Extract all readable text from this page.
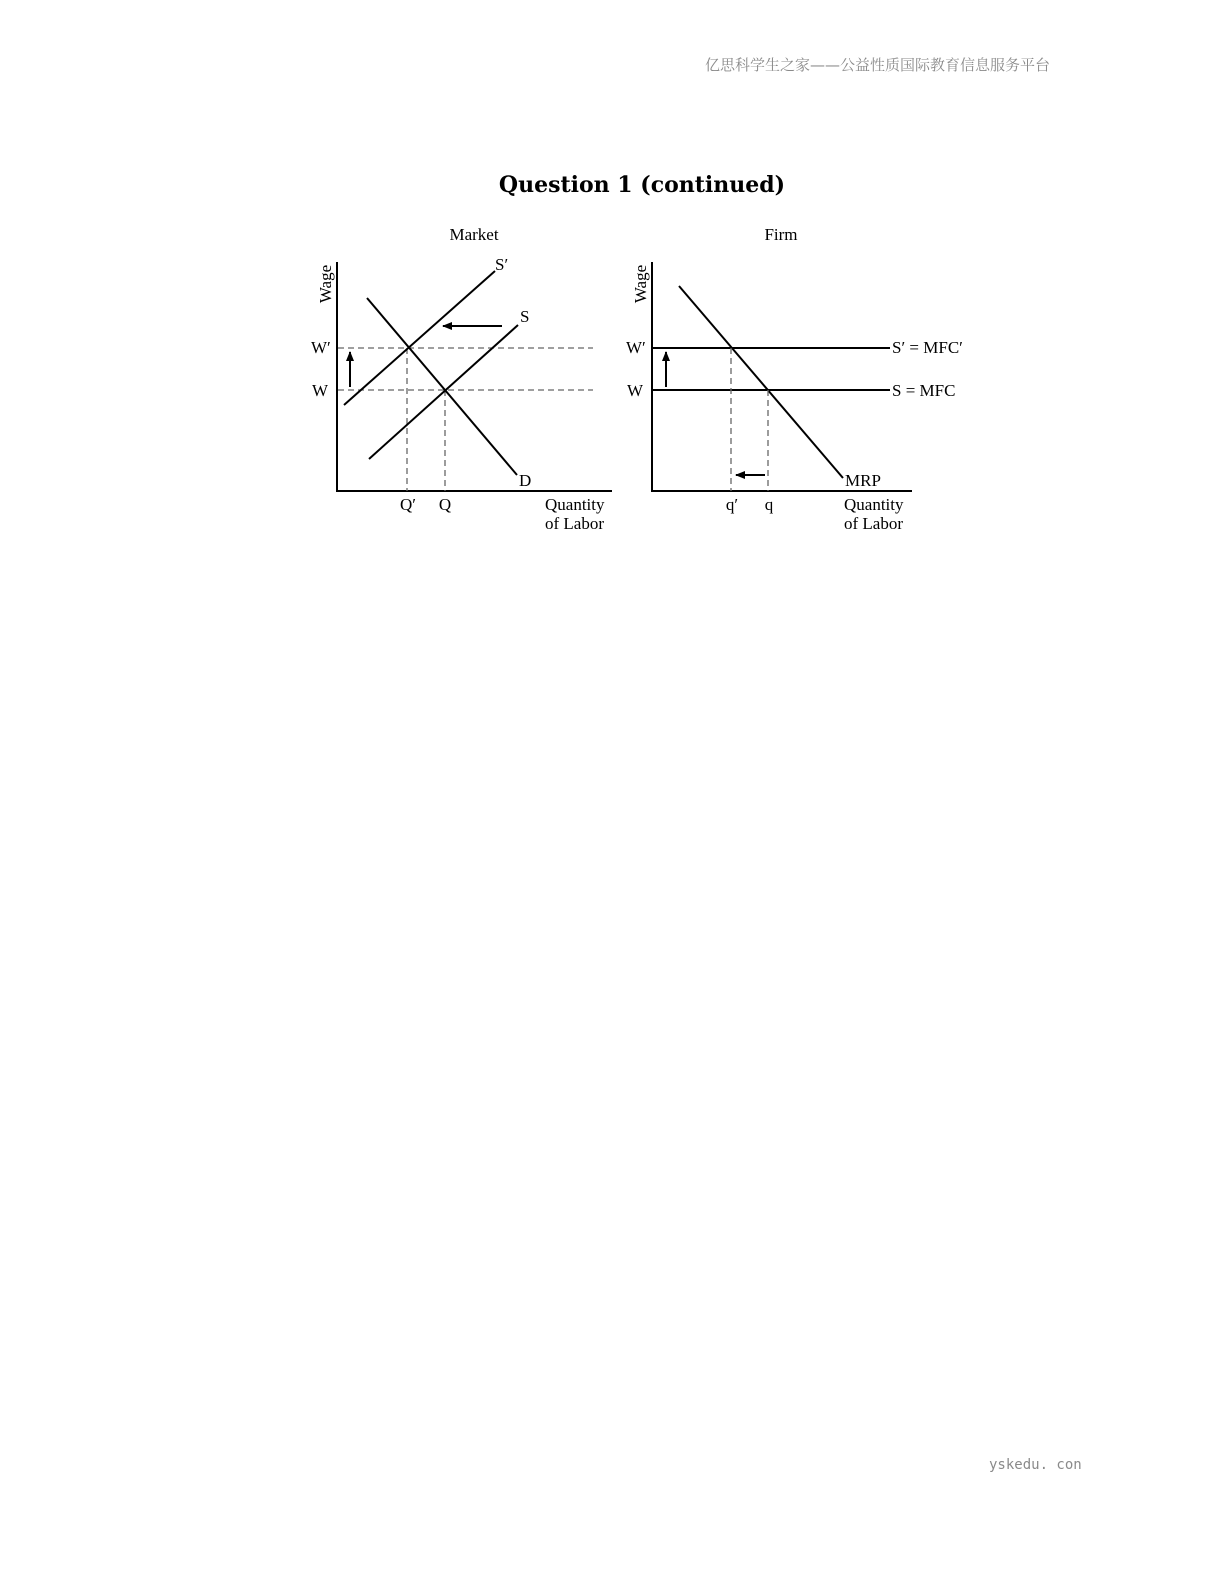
亿思科学生之家——公益性质国际教育信息服务平台
Question 1 (continued)
Market
Wage
W′
W
Q′ Q
S′
S
D
Quantity
of Labor
Firm
Wage
W′
W
q′ q
S′ = MFC′
S = MFC
MRP
Quantity
of Labor
yskedu. con
